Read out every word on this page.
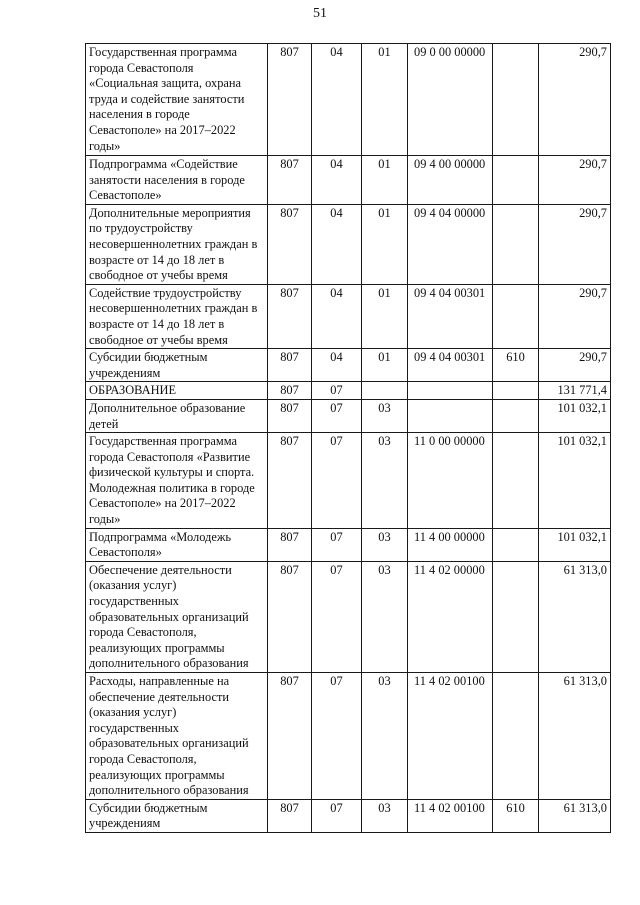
51
Государственная программа города Севастополя «Социальная защита, охрана труда и содействие занятости населения в городе Севастополе» на 2017–2022 годы»	807	04	01	09 0 00 00000		290,7
Подпрограмма «Содействие занятости населения в городе Севастополе»	807	04	01	09 4 00 00000		290,7
Дополнительные мероприятия по трудоустройству несовершеннолетних граждан в возрасте от 14 до 18 лет в свободное от учебы время	807	04	01	09 4 04 00000		290,7
Содействие трудоустройству несовершеннолетних граждан в возрасте от 14 до 18 лет в свободное от учебы время	807	04	01	09 4 04 00301		290,7
Субсидии бюджетным учреждениям	807	04	01	09 4 04 00301	610	290,7
ОБРАЗОВАНИЕ	807	07				131 771,4
Дополнительное образование детей	807	07	03			101 032,1
Государственная программа города Севастополя «Развитие физической культуры и спорта. Молодежная политика в городе Севастополе» на 2017–2022 годы»	807	07	03	11 0 00 00000		101 032,1
Подпрограмма «Молодежь Севастополя»	807	07	03	11 4 00 00000		101 032,1
Обеспечение деятельности (оказания услуг) государственных образовательных организаций города Севастополя, реализующих программы дополнительного образования	807	07	03	11 4 02 00000		61 313,0
Расходы, направленные на обеспечение деятельности (оказания услуг) государственных образовательных организаций города Севастополя, реализующих программы дополнительного образования	807	07	03	11 4 02 00100		61 313,0
Субсидии бюджетным учреждениям	807	07	03	11 4 02 00100	610	61 313,0
